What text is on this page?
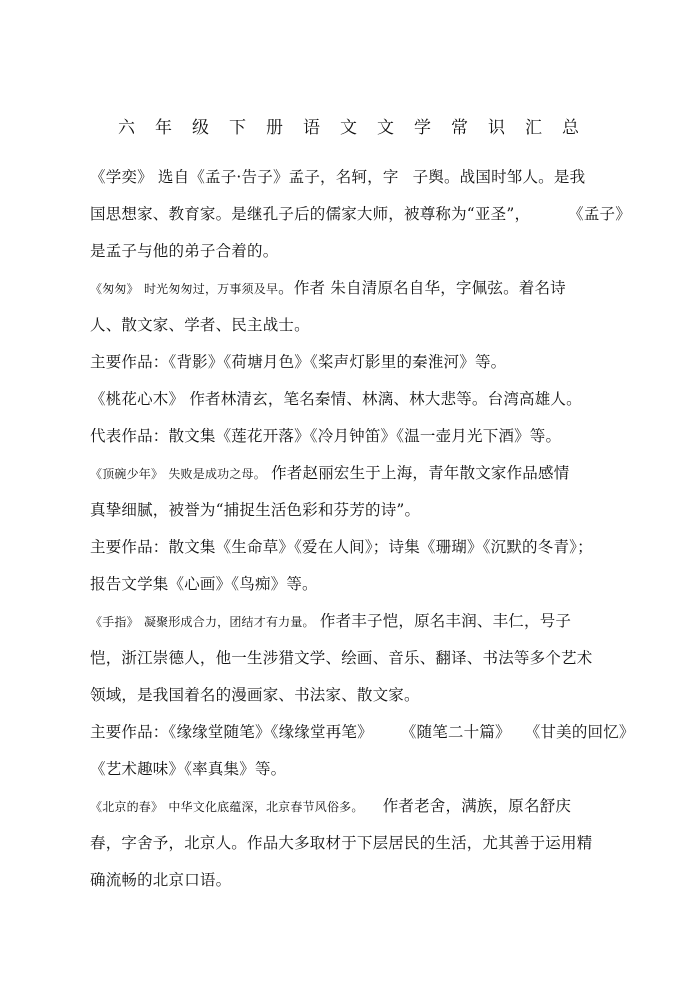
六年级下册语文文学常识汇总
《学奕》 选自《孟子·告子》孟子，名轲，字 子舆。战国时邹人。是我
国思想家、教育家。是继孔子后的儒家大师，被尊称为“亚圣”， 《孟子》
是孟子与他的弟子合着的。
《匆匆》 时光匆匆过，万事须及早。作者 朱自清原名自华，字佩弦。着名诗
人、散文家、学者、民主战士。
主要作品：《背影》《荷塘月色》《桨声灯影里的秦淮河》等。
《桃花心木》 作者林清玄，笔名秦情、林漓、林大悲等。台湾高雄人。
代表作品：散文集《莲花开落》《冷月钟笛》《温一壶月光下酒》等。
《顶碗少年》 失败是成功之母。 作者赵丽宏生于上海，青年散文家作品感情
真挚细腻，被誉为“捕捉生活色彩和芬芳的诗”。
主要作品：散文集《生命草》《爱在人间》；诗集《珊瑚》《沉默的冬青》；
报告文学集《心画》《鸟痴》等。
《手指》 凝聚形成合力，团结才有力量。 作者丰子恺，原名丰润、丰仁，号子
恺，浙江崇德人，他一生涉猎文学、绘画、音乐、翻译、书法等多个艺术
领域，是我国着名的漫画家、书法家、散文家。
主要作品：《缘缘堂随笔》《缘缘堂再笔》 《随笔二十篇》 《甘美的回忆》
《艺术趣味》《率真集》等。
《北京的春》 中华文化底蕴深，北京春节风俗多。 作者老舍，满族，原名舒庆
春，字舍予，北京人。作品大多取材于下层居民的生活，尤其善于运用精
确流畅的北京口语。
